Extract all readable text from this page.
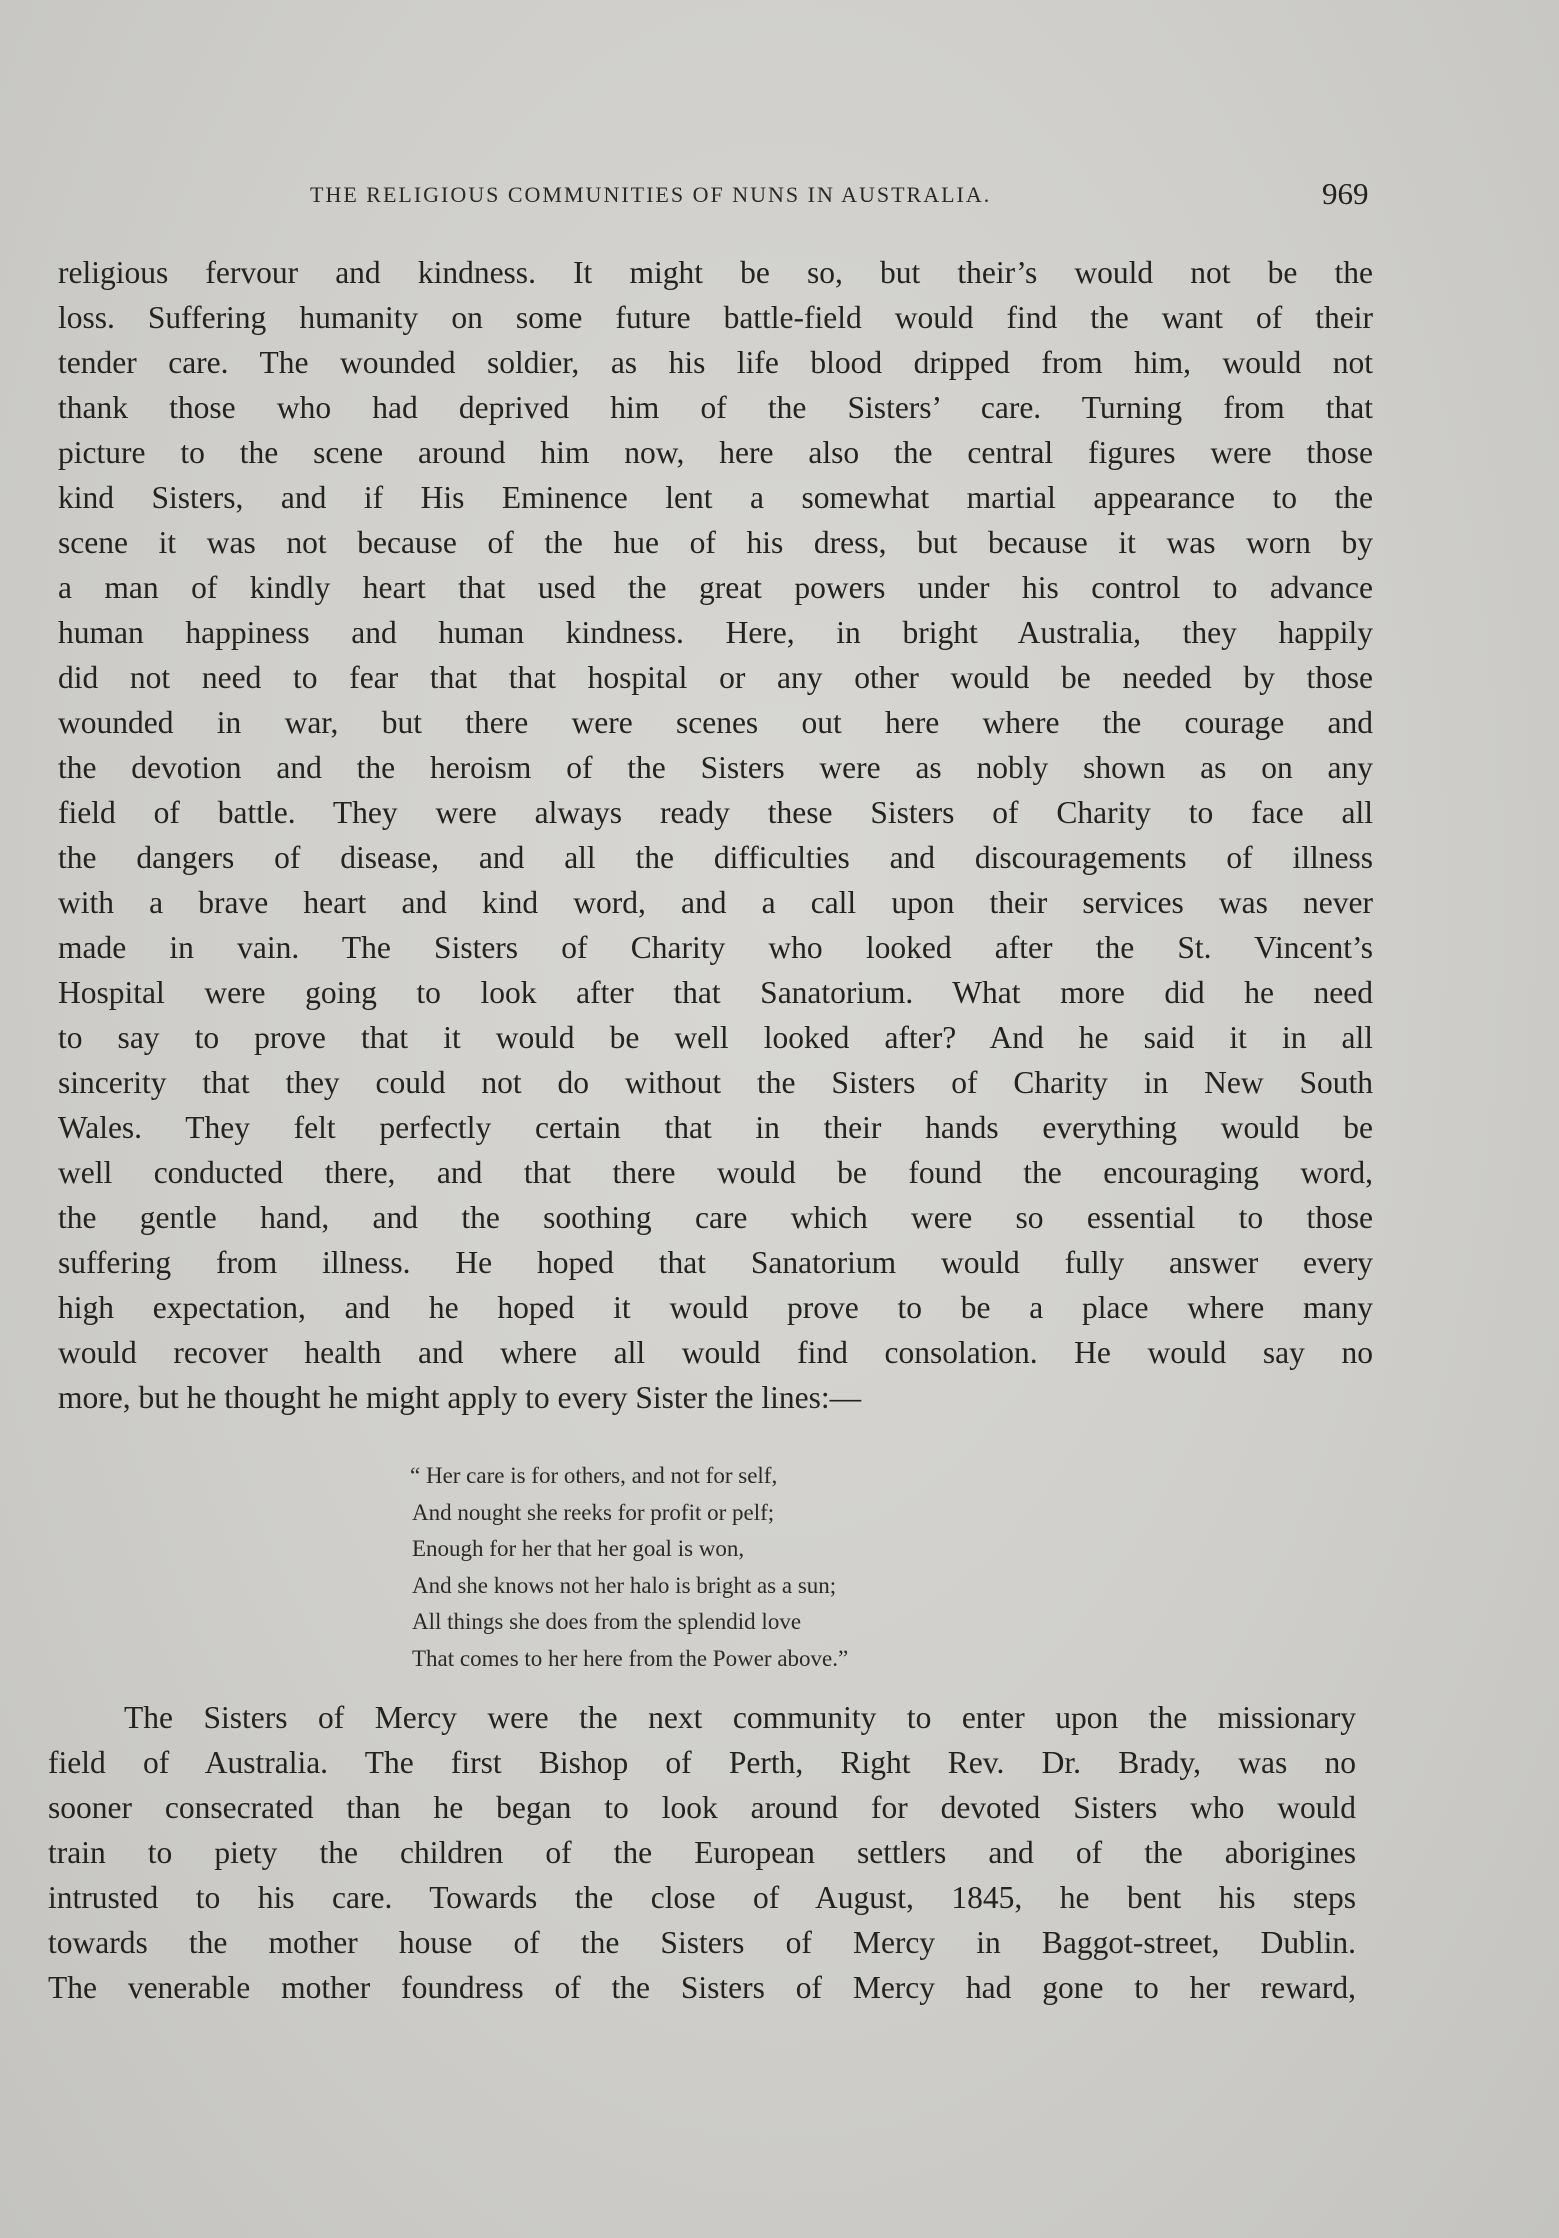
THE RELIGIOUS COMMUNITIES OF NUNS IN AUSTRALIA.	969
religious fervour and kindness. It might be so, but their’s would not be the
loss. Suffering humanity on some future battle-field would find the want of their
tender care. The wounded soldier, as his life blood dripped from him, would not
thank those who had deprived him of the Sisters’ care. Turning from that
picture to the scene around him now, here also the central figures were those
kind Sisters, and if His Eminence lent a somewhat martial appearance to the
scene it was not because of the hue of his dress, but because it was worn by
a man of kindly heart that used the great powers under his control to advance
human happiness and human kindness. Here, in bright Australia, they happily
did not need to fear that that hospital or any other would be needed by those
wounded in war, but there were scenes out here where the courage and
the devotion and the heroism of the Sisters were as nobly shown as on any
field of battle. They were always ready these Sisters of Charity to face all
the dangers of disease, and all the difficulties and discouragements of illness
with a brave heart and kind word, and a call upon their services was never
made in vain. The Sisters of Charity who looked after the St. Vincent’s
Hospital were going to look after that Sanatorium. What more did he need
to say to prove that it would be well looked after? And he said it in all
sincerity that they could not do without the Sisters of Charity in New South
Wales. They felt perfectly certain that in their hands everything would be
well conducted there, and that there would be found the encouraging word,
the gentle hand, and the soothing care which were so essential to those
suffering from illness. He hoped that Sanatorium would fully answer every
high expectation, and he hoped it would prove to be a place where many
would recover health and where all would find consolation. He would say no
more, but he thought he might apply to every Sister the lines:—
“ Her care is for others, and not for self,
And nought she reeks for profit or pelf;
Enough for her that her goal is won,
And she knows not her halo is bright as a sun;
All things she does from the splendid love
That comes to her here from the Power above.”
The Sisters of Mercy were the next community to enter upon the missionary
field of Australia. The first Bishop of Perth, Right Rev. Dr. Brady, was no
sooner consecrated than he began to look around for devoted Sisters who would
train to piety the children of the European settlers and of the aborigines
intrusted to his care. Towards the close of August, 1845, he bent his steps
towards the mother house of the Sisters of Mercy in Baggot-street, Dublin.
The venerable mother foundress of the Sisters of Mercy had gone to her reward,
